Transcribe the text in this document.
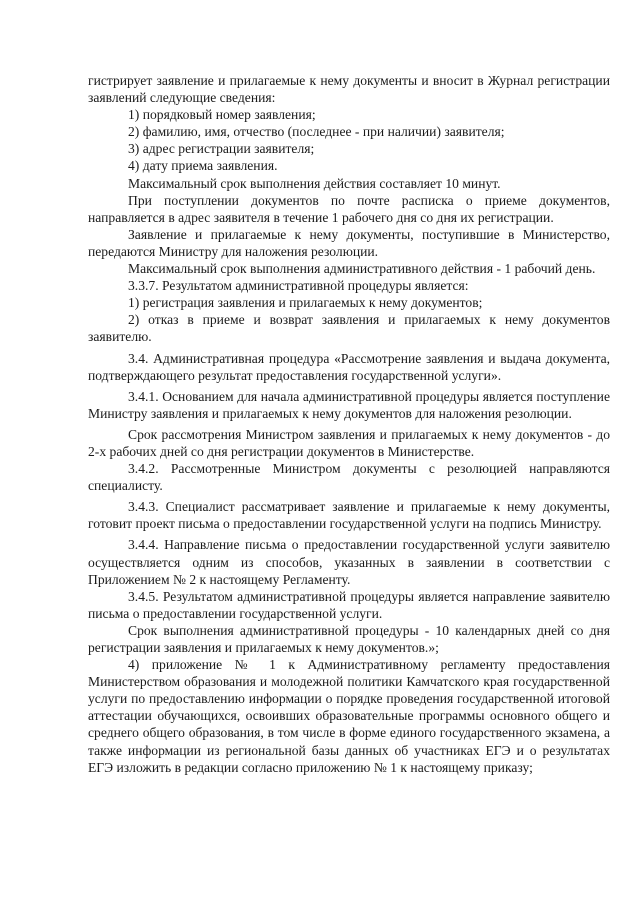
гистрирует заявление и прилагаемые к нему документы и вносит в Журнал регистрации заявлений следующие сведения:

1) порядковый номер заявления;

2) фамилию, имя, отчество (последнее - при наличии) заявителя;

3) адрес регистрации заявителя;

4) дату приема заявления.

Максимальный срок выполнения действия составляет 10 минут.

При поступлении документов по почте расписка о приеме документов, направляется в адрес заявителя в течение 1 рабочего дня со дня их регистрации.

Заявление и прилагаемые к нему документы, поступившие в Министерство, передаются Министру для наложения резолюции.

Максимальный срок выполнения административного действия - 1 рабочий день.

3.3.7. Результатом административной процедуры является:

1) регистрация заявления и прилагаемых к нему документов;

2) отказ в приеме и возврат заявления и прилагаемых к нему документов заявителю.

3.4. Административная процедура «Рассмотрение заявления и выдача документа, подтверждающего результат предоставления государственной услуги».

3.4.1. Основанием для начала административной процедуры является поступление Министру заявления и прилагаемых к нему документов для наложения резолюции.

Срок рассмотрения Министром заявления и прилагаемых к нему документов - до 2-х рабочих дней со дня регистрации документов в Министерстве.

3.4.2. Рассмотренные Министром документы с резолюцией направляются специалисту.

3.4.3. Специалист рассматривает заявление и прилагаемые к нему документы, готовит проект письма о предоставлении государственной услуги на подпись Министру.

3.4.4. Направление письма о предоставлении государственной услуги заявителю осуществляется одним из способов, указанных в заявлении в соответствии с Приложением № 2 к настоящему Регламенту.

3.4.5. Результатом административной процедуры является направление заявителю письма о предоставлении государственной услуги.

Срок выполнения административной процедуры - 10 календарных дней со дня регистрации заявления и прилагаемых к нему документов.»;

4) приложение № 1 к Административному регламенту предоставления Министерством образования и молодежной политики Камчатского края государственной услуги по предоставлению информации о порядке проведения государственной итоговой аттестации обучающихся, освоивших образовательные программы основного общего и среднего общего образования, в том числе в форме единого государственного экзамена, а также информации из региональной базы данных об участниках ЕГЭ и о результатах ЕГЭ изложить в редакции согласно приложению № 1 к настоящему приказу;
